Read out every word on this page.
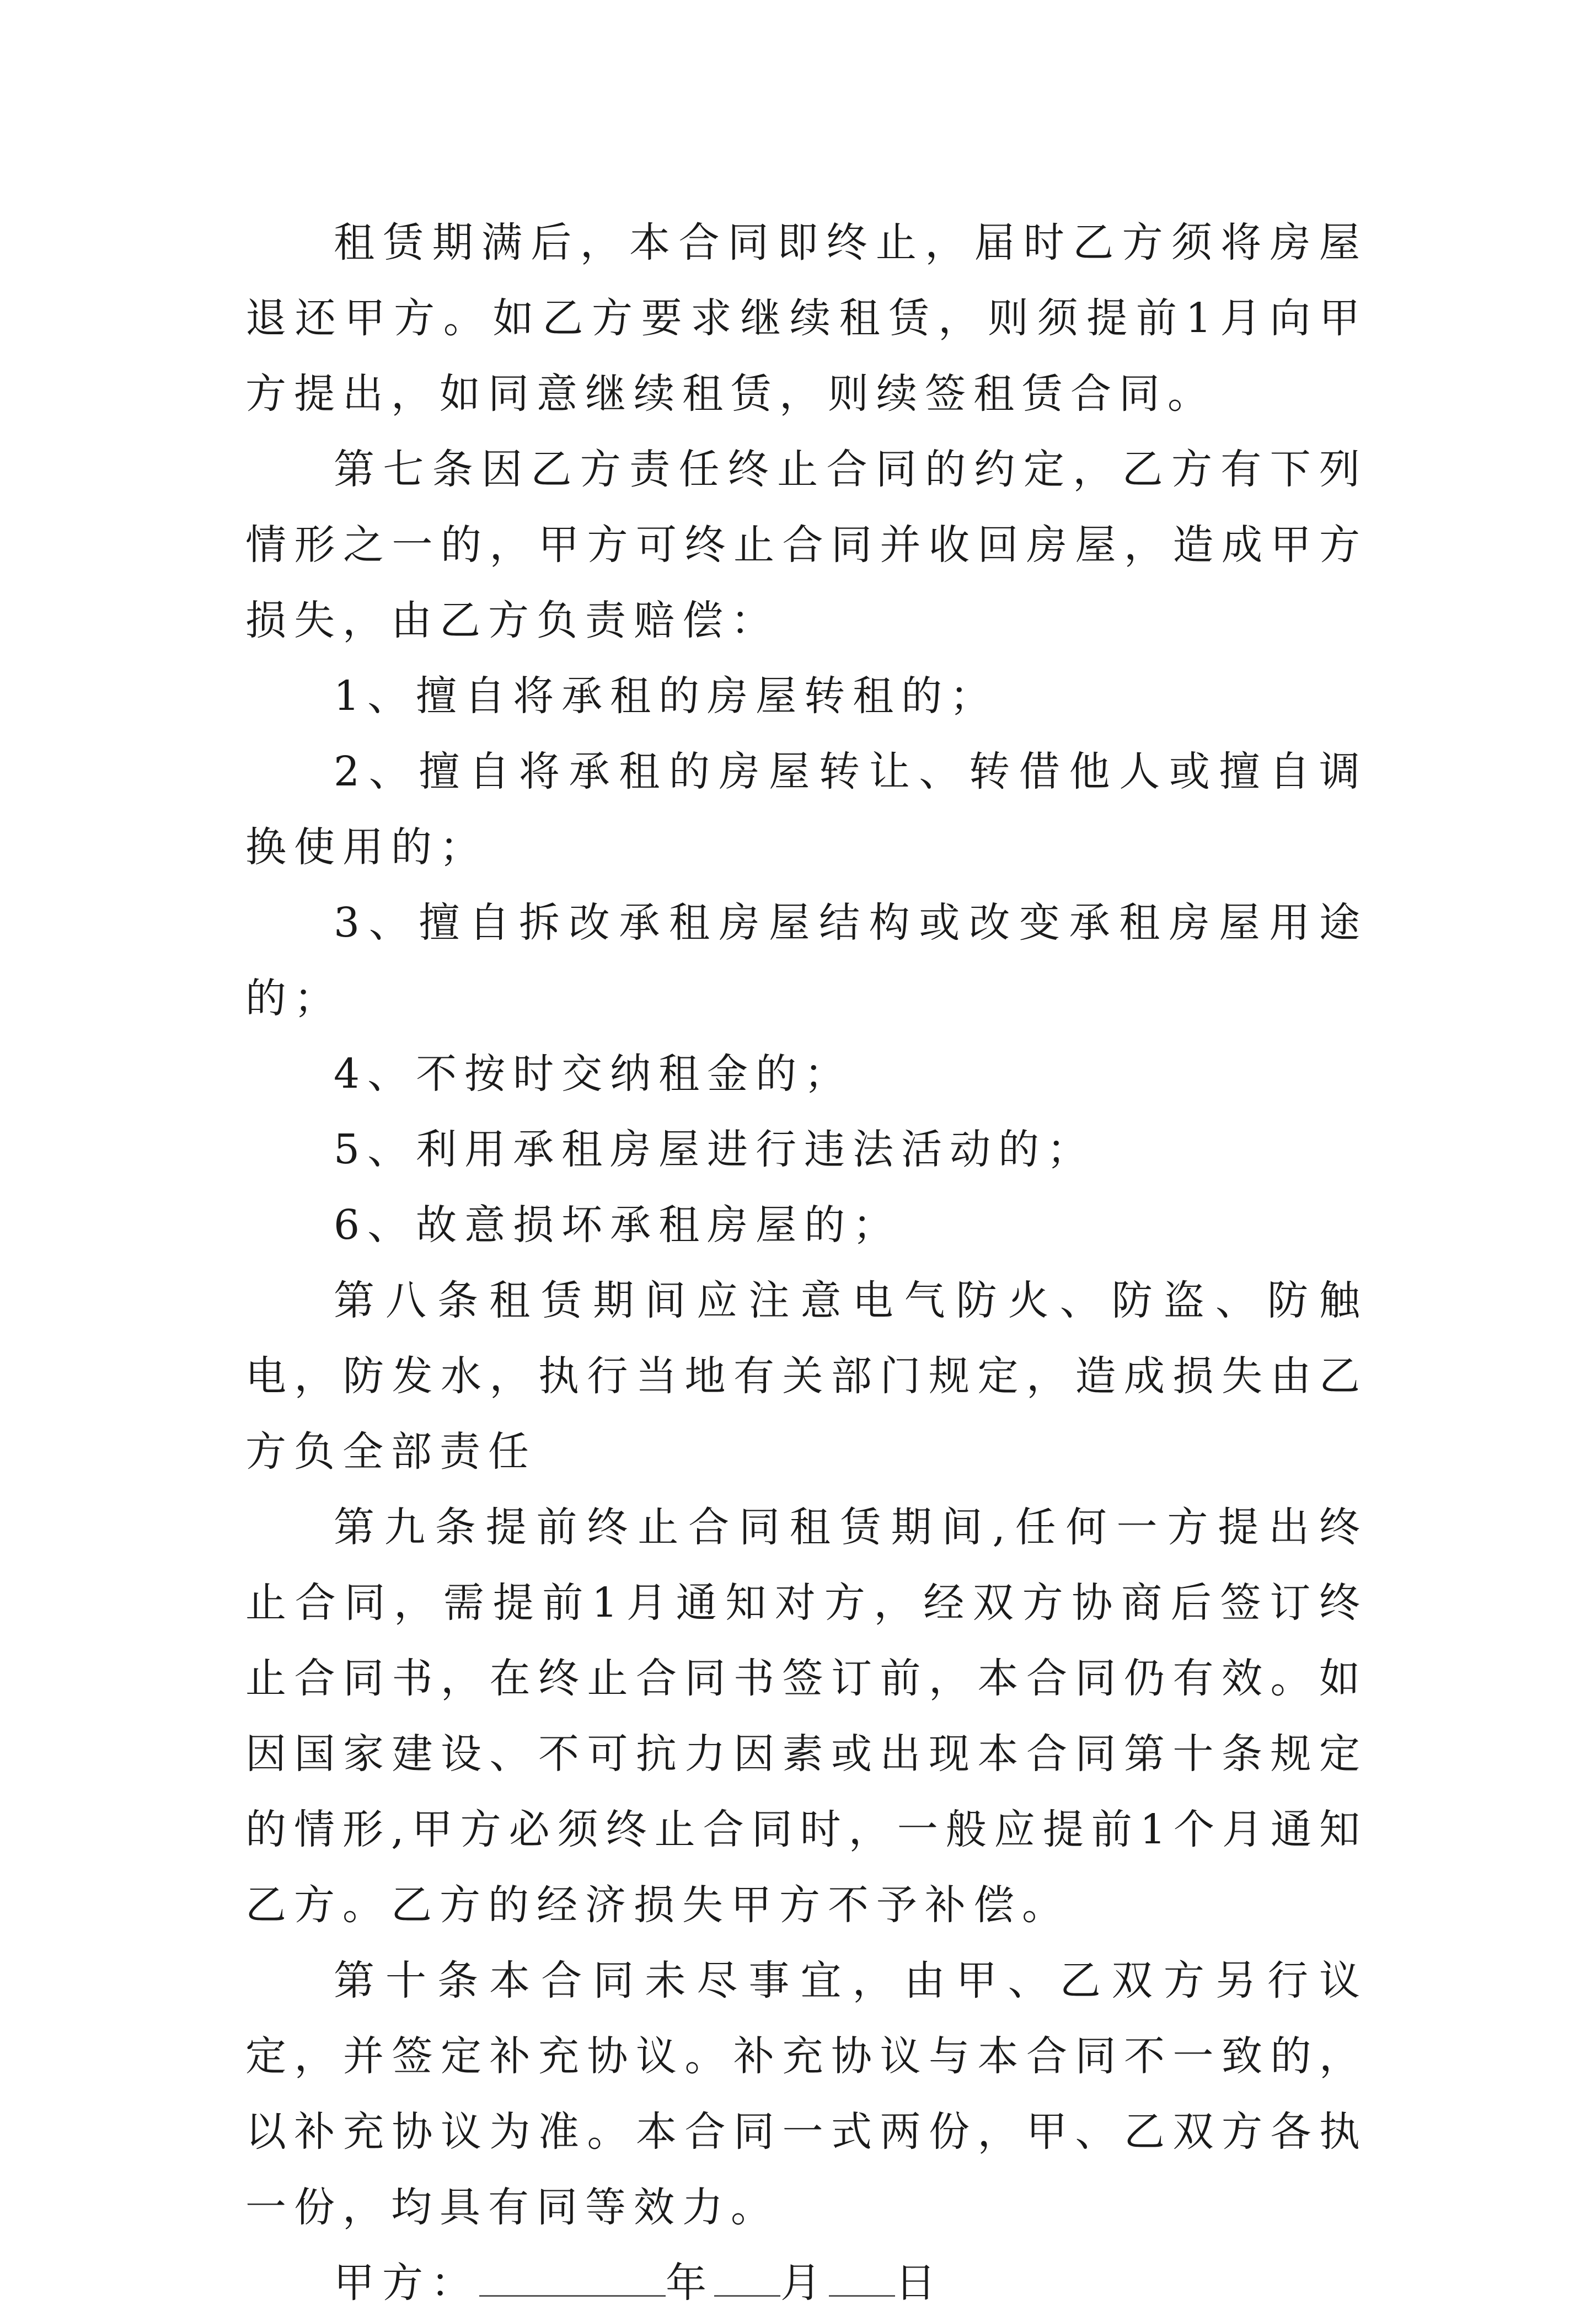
租赁期满后，本合同即终止，届时乙方须将房屋退还甲方。如乙方要求继续租赁，则须提前1月向甲方提出，如同意继续租赁，则续签租赁合同。

第七条因乙方责任终止合同的约定，乙方有下列情形之一的，甲方可终止合同并收回房屋，造成甲方损失，由乙方负责赔偿：

1、擅自将承租的房屋转租的；

2、擅自将承租的房屋转让、转借他人或擅自调换使用的；

3、擅自拆改承租房屋结构或改变承租房屋用途的；

4、不按时交纳租金的；

5、利用承租房屋进行违法活动的；

6、故意损坏承租房屋的；

第八条租赁期间应注意电气防火、防盗、防触电，防发水，执行当地有关部门规定，造成损失由乙方负全部责任

第九条提前终止合同租赁期间,任何一方提出终止合同，需提前1月通知对方，经双方协商后签订终止合同书，在终止合同书签订前，本合同仍有效。如因国家建设、不可抗力因素或出现本合同第十条规定的情形,甲方必须终止合同时，一般应提前1个月通知乙方。乙方的经济损失甲方不予补偿。

第十条本合同未尽事宜，由甲、乙双方另行议定，并签定补充协议。补充协议与本合同不一致的，以补充协议为准。本合同一式两份，甲、乙双方各执一份，均具有同等效力。

甲方：	年 月 日
